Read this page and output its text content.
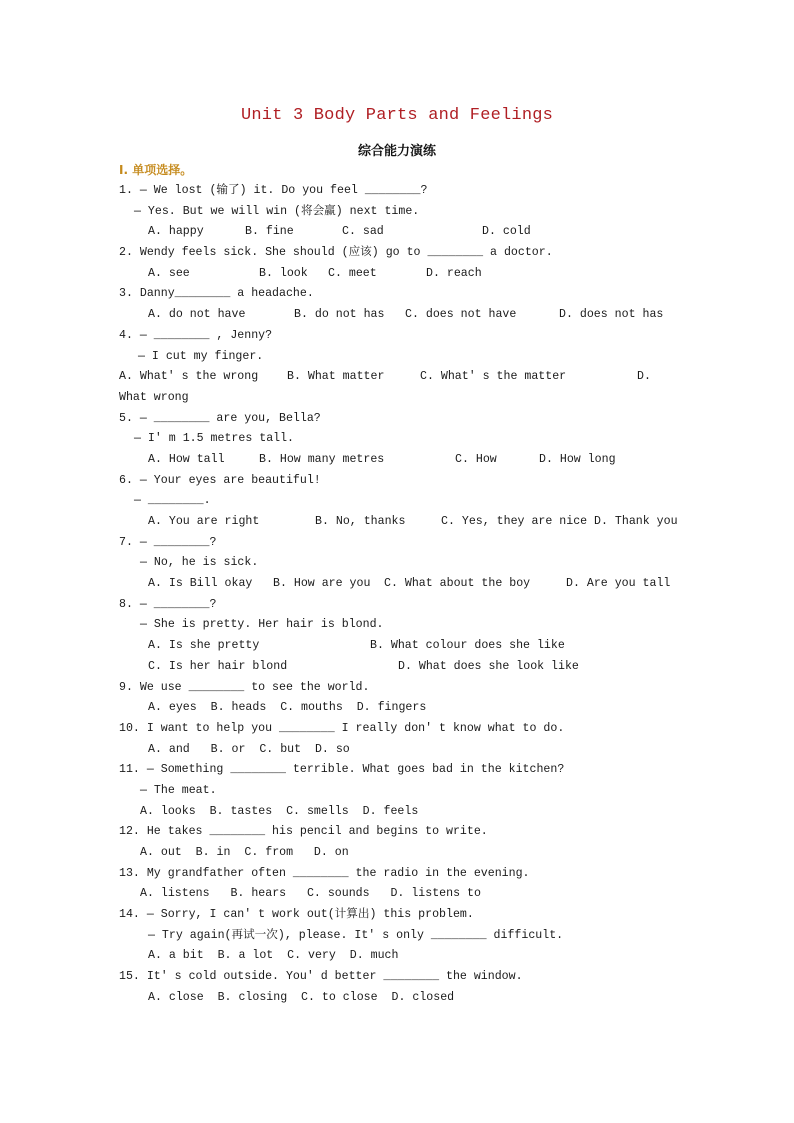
Unit 3 Body Parts and Feelings
综合能力演练
I. 单项选择。
1. — We lost (输了) it. Do you feel ________?
— Yes. But we will win (将会赢) next time.

A. happy

	B. fine

	C. sad

	D. cold

2. Wendy feels sick. She should (应该) go to ________ a doctor.

A. see

	B. look

C. meet

	D. reach

3. Danny________ a headache.

A. do not have

	B. do not has

C. does not have

	D. does not has

4. — ________ , Jenny?
— I cut my finger.

A. What' s the wrong

B. What matter

	C. What' s the matter

	D.

What wrong
5. — ________ are you, Bella?
— I' m 1.5 metres tall.

A. How tall

	B. How many metres

	C. How

	D. How long

6. — Your eyes are beautiful!
— ________.

A. You are right

	B. No, thanks

	C. Yes, they are nice D. Thank you

7. — ________?
— No, he is sick.

A. Is Bill okay

B. How are you

C. What about the boy

	D. Are you tall

8. — ________?
— She is pretty. Her hair is blond.

A. Is she pretty

	B. What colour does she like

C. Is her hair blond

	D. What does she look like

9. We use ________ to see the world.
A. eyes  B. heads  C. mouths  D. fingers
10. I want to help you ________ I really don' t know what to do.
A. and   B. or  C. but  D. so
11. — Something ________ terrible. What goes bad in the kitchen?
— The meat.
A. looks  B. tastes  C. smells  D. feels
12. He takes ________ his pencil and begins to write.
A. out  B. in  C. from   D. on
13. My grandfather often ________ the radio in the evening.
A. listens   B. hears   C. sounds   D. listens to
14. — Sorry, I can' t work out(计算出) this problem.
— Try again(再试一次), please. It' s only ________ difficult.
A. a bit  B. a lot  C. very  D. much
15. It' s cold outside. You' d better ________ the window.
A. close  B. closing  C. to close  D. closed
